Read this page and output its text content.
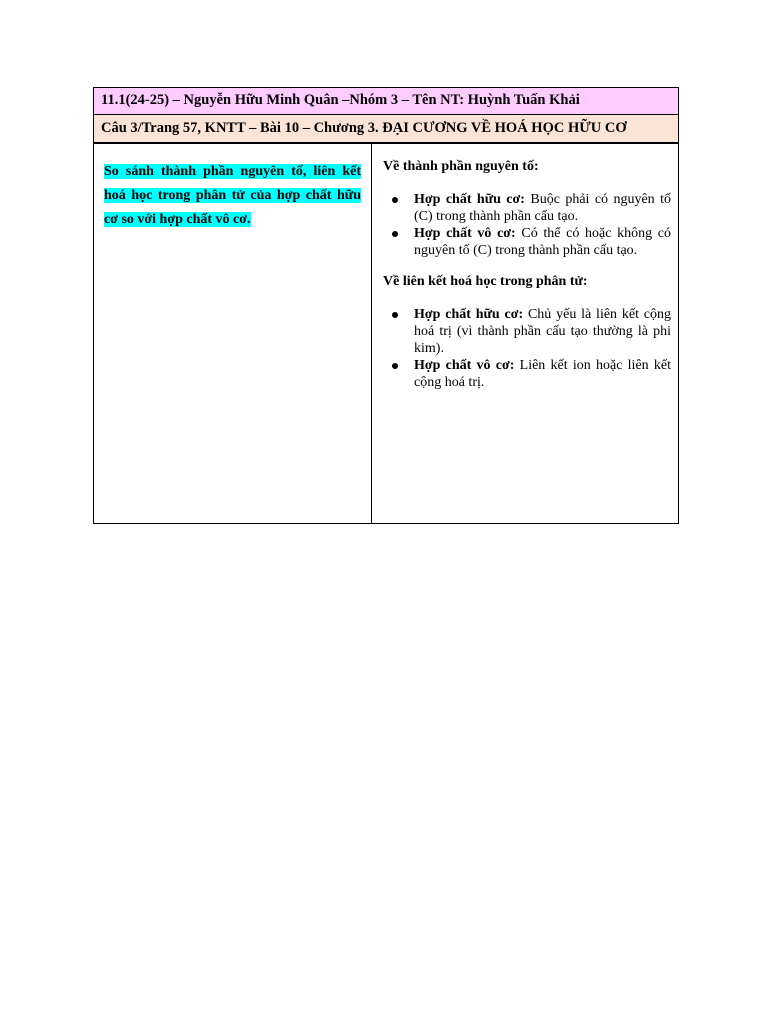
11.1(24-25) – Nguyễn Hữu Minh Quân –Nhóm 3 – Tên NT: Huỳnh Tuấn Khải
Câu 3/Trang 57, KNTT – Bài 10 – Chương 3. ĐẠI CƯƠNG VỀ HOÁ HỌC HỮU CƠ

So sánh thành phần nguyên tố, liên kết hoá học trong phân tử của hợp chất hữu cơ so với hợp chất vô cơ.

Về thành phần nguyên tố:

Hợp chất hữu cơ: Buộc phải có nguyên tố (C) trong thành phần cấu tạo.
Hợp chất vô cơ: Có thể có hoặc không có nguyên tố (C) trong thành phần cấu tạo.

Về liên kết hoá học trong phân tử:

Hợp chất hữu cơ: Chủ yếu là liên kết cộng hoá trị (vì thành phần cấu tạo thường là phi kim).
Hợp chất vô cơ: Liên kết ion hoặc liên kết cộng hoá trị.
